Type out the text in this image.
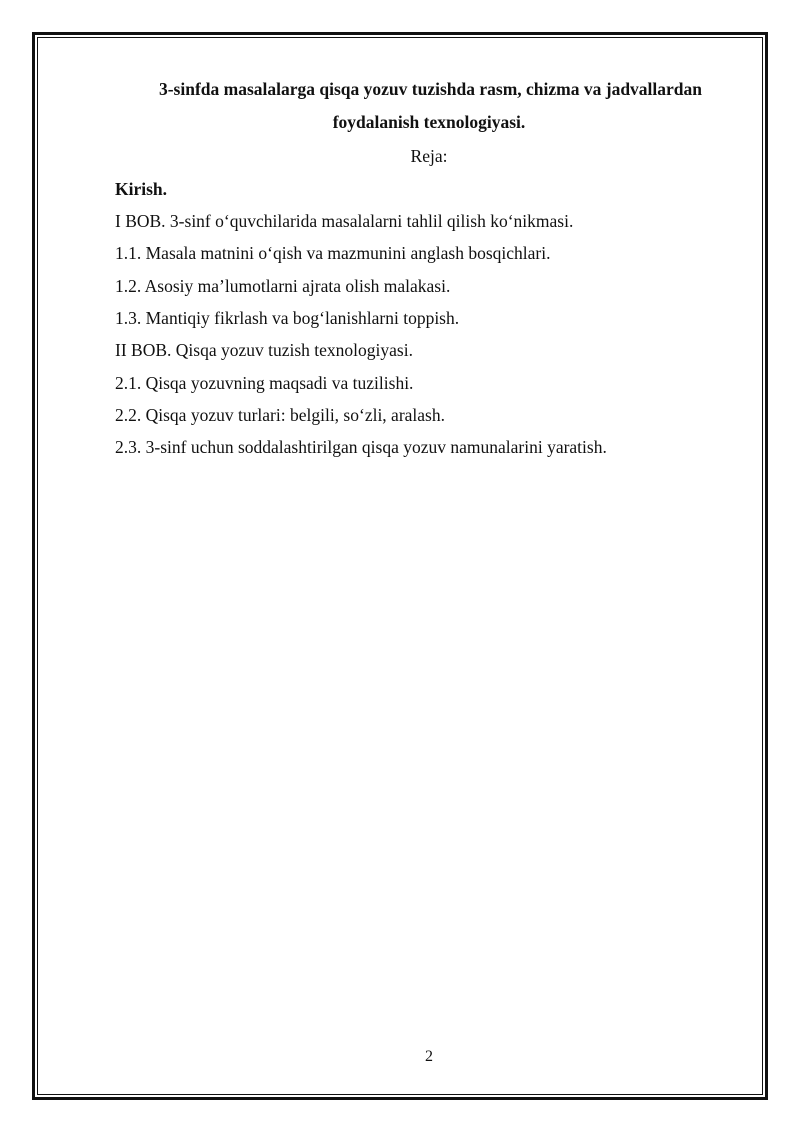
3-sinfda masalalarga qisqa yozuv tuzishda rasm, chizma va jadvallardan
foydalanish texnologiyasi.
Reja:
Kirish.
I BOB. 3-sinf o‘quvchilarida masalalarni tahlil qilish ko‘nikmasi.
1.1. Masala matnini o‘qish va mazmunini anglash bosqichlari.
1.2. Asosiy ma’lumotlarni ajrata olish malakasi.
1.3. Mantiqiy fikrlash va bog‘lanishlarni toppish.
II BOB. Qisqa yozuv tuzish texnologiyasi.
2.1. Qisqa yozuvning maqsadi va tuzilishi.
2.2. Qisqa yozuv turlari: belgili, so‘zli, aralash.
2.3. 3-sinf uchun soddalashtirilgan qisqa yozuv namunalarini yaratish.
2
